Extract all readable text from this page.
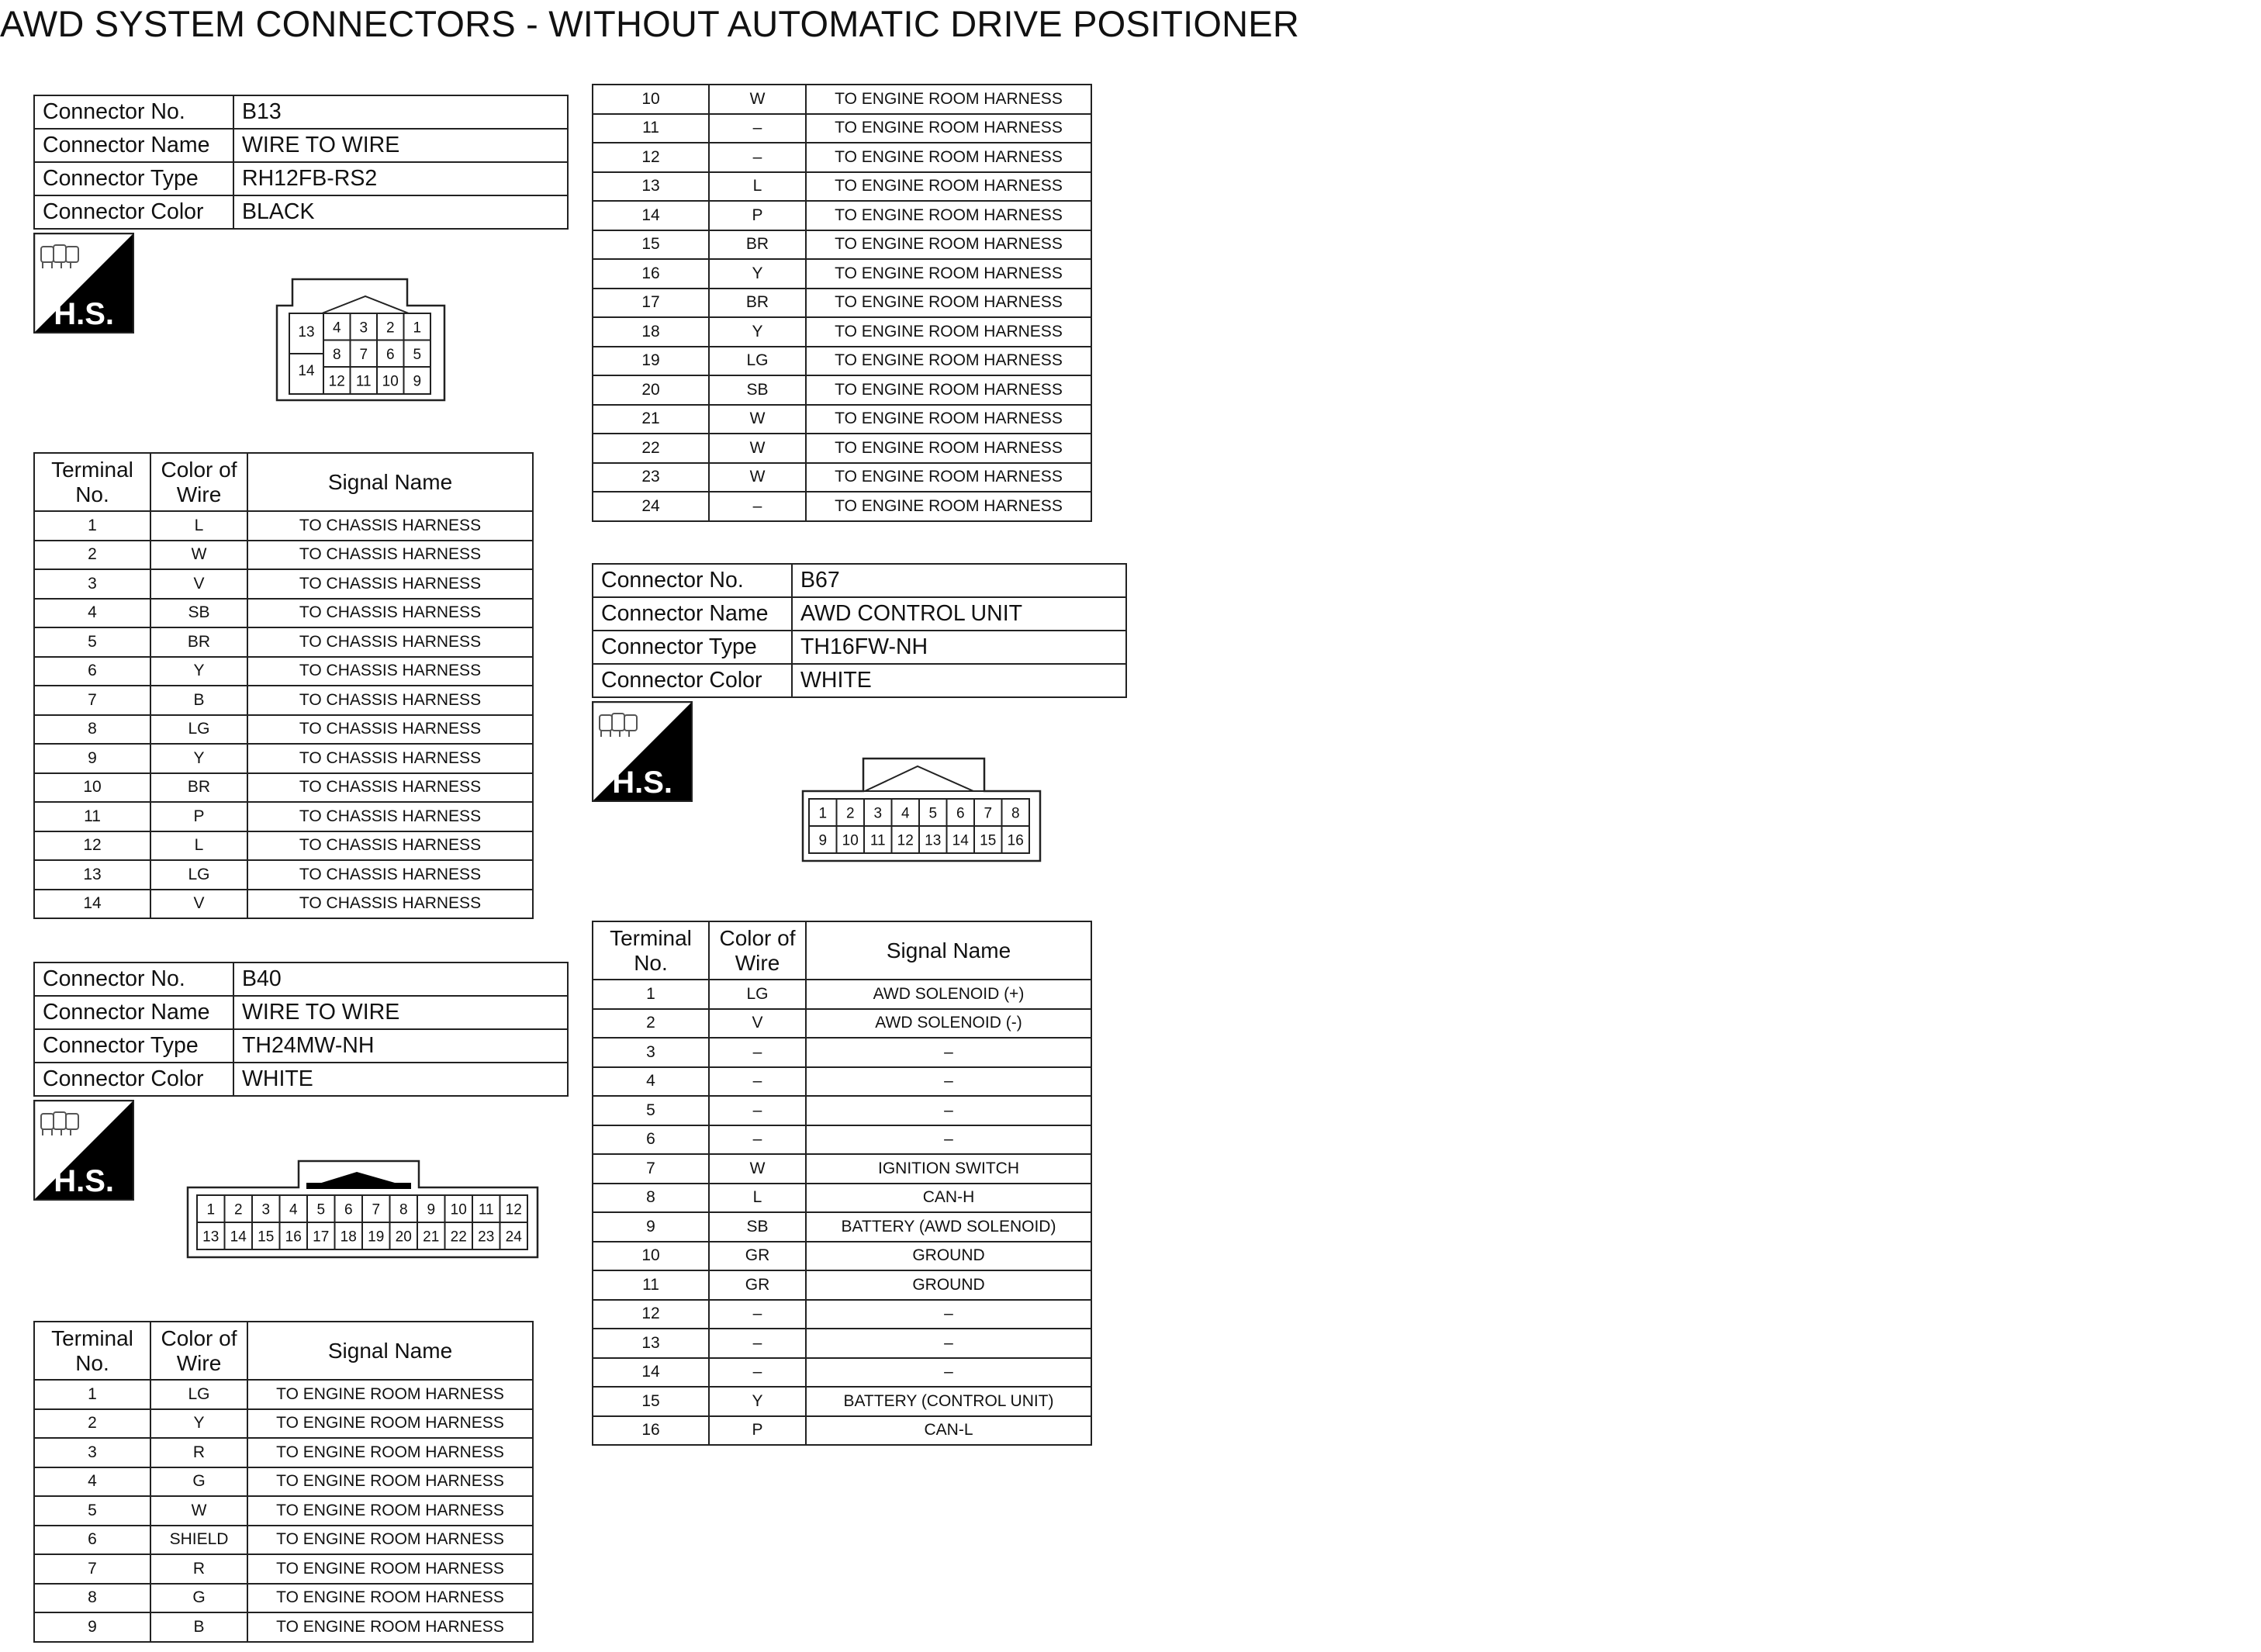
AWD SYSTEM CONNECTORS - WITHOUT AUTOMATIC DRIVE POSITIONER
Connector No.	B13
Connector Name	WIRE TO WIRE
Connector Type	RH12FB-RS2
Connector Color	BLACK
H.S.	4 3 2 1
8 7 6 5
12 11 10 9
13
14
Terminal No.	Color of Wire	Signal Name
1	L	TO CHASSIS HARNESS
2	W	TO CHASSIS HARNESS
3	V	TO CHASSIS HARNESS
4	SB	TO CHASSIS HARNESS
5	BR	TO CHASSIS HARNESS
6	Y	TO CHASSIS HARNESS
7	B	TO CHASSIS HARNESS
8	LG	TO CHASSIS HARNESS
9	Y	TO CHASSIS HARNESS
10	BR	TO CHASSIS HARNESS
11	P	TO CHASSIS HARNESS
12	L	TO CHASSIS HARNESS
13	LG	TO CHASSIS HARNESS
14	V	TO CHASSIS HARNESS
Connector No.	B40
Connector Name	WIRE TO WIRE
Connector Type	TH24MW-NH
Connector Color	WHITE
H.S.
1 2 3 4 5 6 7 8 9 10 11 12
13 14 15 16 17 18 19 20 21 22 23 24
Terminal No.	Color of Wire	Signal Name
1	LG	TO ENGINE ROOM HARNESS
2	Y	TO ENGINE ROOM HARNESS
3	R	TO ENGINE ROOM HARNESS
4	G	TO ENGINE ROOM HARNESS
5	W	TO ENGINE ROOM HARNESS
6	SHIELD	TO ENGINE ROOM HARNESS
7	R	TO ENGINE ROOM HARNESS
8	G	TO ENGINE ROOM HARNESS
9	B	TO ENGINE ROOM HARNESS
10	W	TO ENGINE ROOM HARNESS
11	–	TO ENGINE ROOM HARNESS
12	–	TO ENGINE ROOM HARNESS
13	L	TO ENGINE ROOM HARNESS
14	P	TO ENGINE ROOM HARNESS
15	BR	TO ENGINE ROOM HARNESS
16	Y	TO ENGINE ROOM HARNESS
17	BR	TO ENGINE ROOM HARNESS
18	Y	TO ENGINE ROOM HARNESS
19	LG	TO ENGINE ROOM HARNESS
20	SB	TO ENGINE ROOM HARNESS
21	W	TO ENGINE ROOM HARNESS
22	W	TO ENGINE ROOM HARNESS
23	W	TO ENGINE ROOM HARNESS
24	–	TO ENGINE ROOM HARNESS
Connector No.	B67
Connector Name	AWD CONTROL UNIT
Connector Type	TH16FW-NH
Connector Color	WHITE
H.S.
1 2 3 4 5 6 7 8
9 10 11 12 13 14 15 16
Terminal No.	Color of Wire	Signal Name
1	LG	AWD SOLENOID (+)
2	V	AWD SOLENOID (-)
3	–	–
4	–	–
5	–	–
6	–	–
7	W	IGNITION SWITCH
8	L	CAN-H
9	SB	BATTERY (AWD SOLENOID)
10	GR	GROUND
11	GR	GROUND
12	–	–
13	–	–
14	–	–
15	Y	BATTERY (CONTROL UNIT)
16	P	CAN-L
